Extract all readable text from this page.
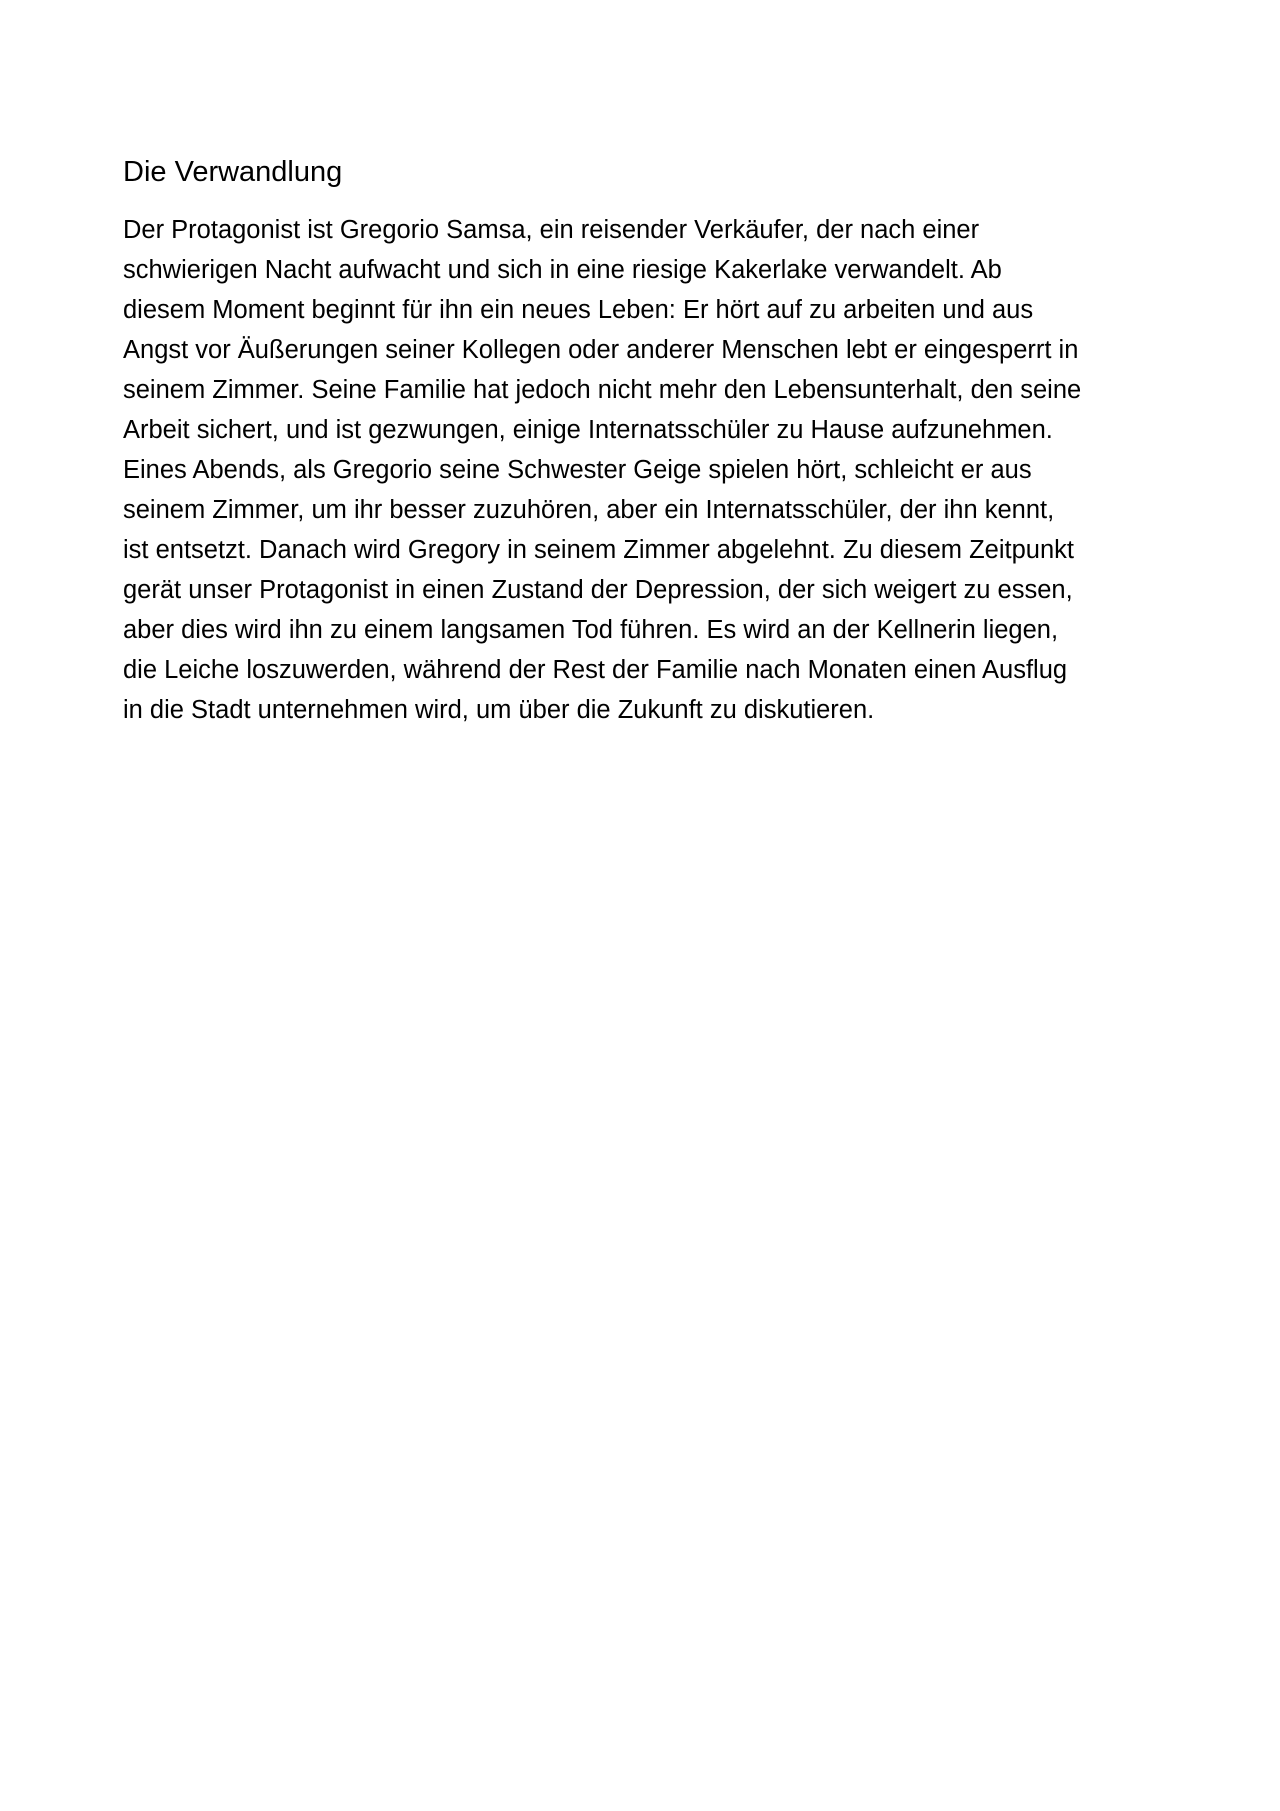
Die Verwandlung

Der Protagonist ist Gregorio Samsa, ein reisender Verkäufer, der nach einer

schwierigen Nacht aufwacht und sich in eine riesige Kakerlake verwandelt. Ab

diesem Moment beginnt für ihn ein neues Leben: Er hört auf zu arbeiten und aus

Angst vor Äußerungen seiner Kollegen oder anderer Menschen lebt er eingesperrt in

seinem Zimmer. Seine Familie hat jedoch nicht mehr den Lebensunterhalt, den seine

Arbeit sichert, und ist gezwungen, einige Internatsschüler zu Hause aufzunehmen.

Eines Abends, als Gregorio seine Schwester Geige spielen hört, schleicht er aus

seinem Zimmer, um ihr besser zuzuhören, aber ein Internatsschüler, der ihn kennt,

ist entsetzt. Danach wird Gregory in seinem Zimmer abgelehnt. Zu diesem Zeitpunkt

gerät unser Protagonist in einen Zustand der Depression, der sich weigert zu essen,

aber dies wird ihn zu einem langsamen Tod führen. Es wird an der Kellnerin liegen,

die Leiche loszuwerden, während der Rest der Familie nach Monaten einen Ausflug

in die Stadt unternehmen wird, um über die Zukunft zu diskutieren.
